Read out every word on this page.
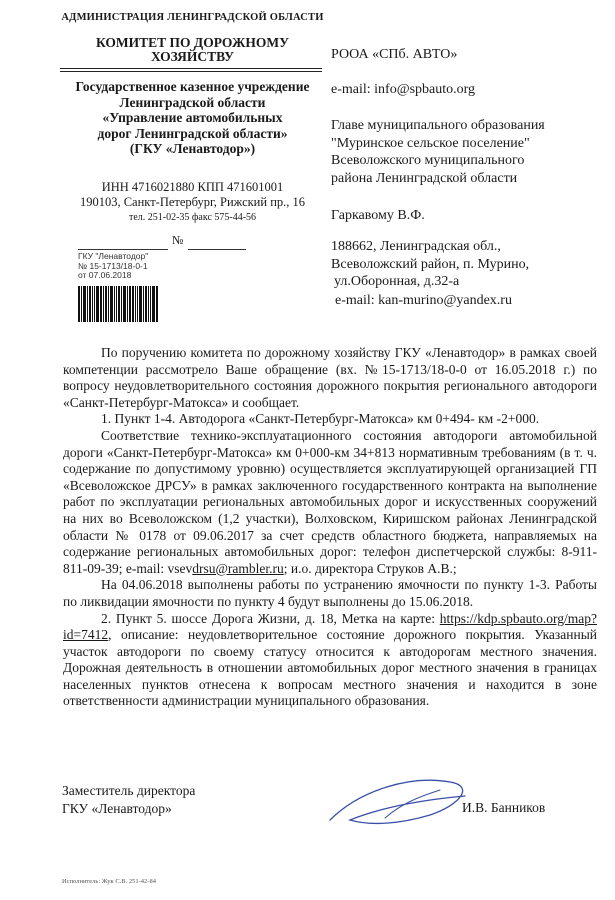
АДМИНИСТРАЦИЯ ЛЕНИНГРАДСКОЙ ОБЛАСТИ
КОМИТЕТ ПО ДОРОЖНОМУ
ХОЗЯЙСТВУ
Государственное казенное учреждение
Ленинградской области
«Управление автомобильных
дорог Ленинградской области»
(ГКУ «Ленавтодор»)
ИНН 4716021880 КПП 471601001
190103, Санкт-Петербург, Рижский пр., 16
тел. 251-02-35 факс 575-44-56
№
ГКУ "Ленавтодор"
№ 15-1713/18-0-1
от 07.06.2018
РООА «СПб. АВТО»
e-mail: info@spbauto.org
Главе муниципального образования
"Муринское сельское поселение"
Всеволожского муниципального
района Ленинградской области
Гаркавому В.Ф.
188662, Ленинградская обл.,
Всеволожский район, п. Мурино,
ул.Оборонная, д.32-а
e-mail: kan-murino@yandex.ru

По поручению комитета по дорожному хозяйству ГКУ «Ленавтодор» в рамках своей компетенции рассмотрело Ваше обращение (вх. №15-1713/18-0-0 от 16.05.2018 г.) по вопросу неудовлетворительного состояния дорожного покрытия регионального автодороги «Санкт-Петербург-Матокса» и сообщает.

1. Пункт 1-4. Автодорога «Санкт-Петербург-Матокса» км 0+494- км -2+000.

Соответствие технико-эксплуатационного состояния автодороги автомобильной дороги «Санкт-Петербург-Матокса» км 0+000-км 34+813 нормативным требованиям (в т. ч. содержание по допустимому уровню) осуществляется эксплуатирующей организацией ГП «Всеволожское ДРСУ» в рамках заключенного государственного контракта на выполнение работ по эксплуатации региональных автомобильных дорог и искусственных сооружений на них во Всеволожском (1,2 участки), Волховском, Киришском районах Ленинградской области № 0178 от 09.06.2017 за счет средств областного бюджета, направляемых на содержание региональных автомобильных дорог: телефон диспетчерской службы: 8-911-811-09-39; e-mail: vsevdrsu@rambler.ru; и.о. директора Струков А.В.;

На 04.06.2018 выполнены работы по устранению ямочности по пункту 1-3. Работы по ликвидации ямочности по пункту 4 будут выполнены до 15.06.2018.

2. Пункт 5. шоссе Дорога Жизни, д. 18, Метка на карте: https://kdp.spbauto.org/map?id=7412, описание: неудовлетворительное состояние дорожного покрытия. Указанный участок автодороги по своему статусу относится к автодорогам местного значения. Дорожная деятельность в отношении автомобильных дорог местного значения в границах населенных пунктов отнесена к вопросам местного значения и находится в зоне ответственности администрации муниципального образования.

Заместитель директора
ГКУ «Ленавтодор»	И.В. Банников
Исполнитель: Жук С.В. 251-42-84
